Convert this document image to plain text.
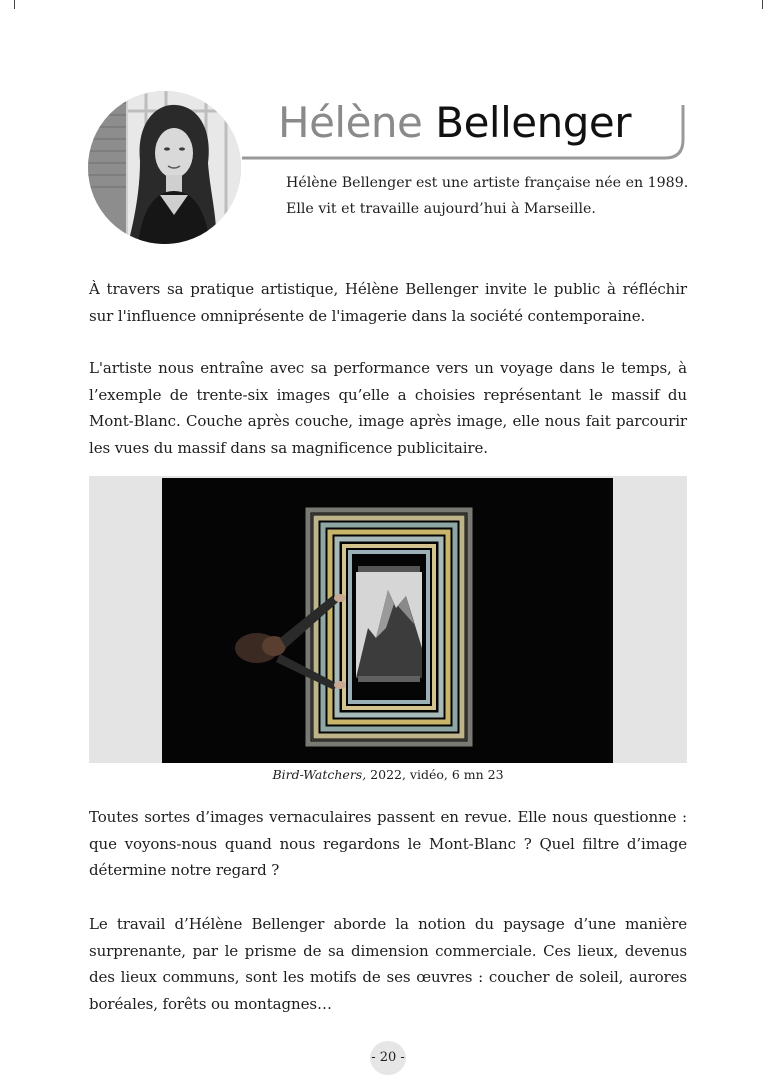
Hélène Bellenger
Hélène Bellenger est une artiste française née en 1989.
Elle vit et travaille aujourd’hui à Marseille.
À travers sa pratique artistique, Hélène Bellenger invite le public à réfléchir sur l'influence omniprésente de l'imagerie dans la société contemporaine.
L'artiste nous entraîne avec sa performance vers un voyage dans le temps, à l’exemple de trente-six images qu’elle a choisies représentant le massif du Mont-Blanc. Couche après couche, image après image, elle nous fait parcourir les vues du massif dans sa magnificence publicitaire.
Bird-Watchers, 2022, vidéo, 6 mn 23
Toutes sortes d’images vernaculaires passent en revue. Elle nous questionne : que voyons-nous quand nous regardons le Mont-Blanc ? Quel filtre d’image détermine notre regard ?
Le travail d’Hélène Bellenger aborde la notion du paysage d’une manière surprenante, par le prisme de sa dimension commerciale. Ces lieux, devenus des lieux communs, sont les motifs de ses œuvres : coucher de soleil, aurores boréales, forêts ou montagnes…
- 20 -
